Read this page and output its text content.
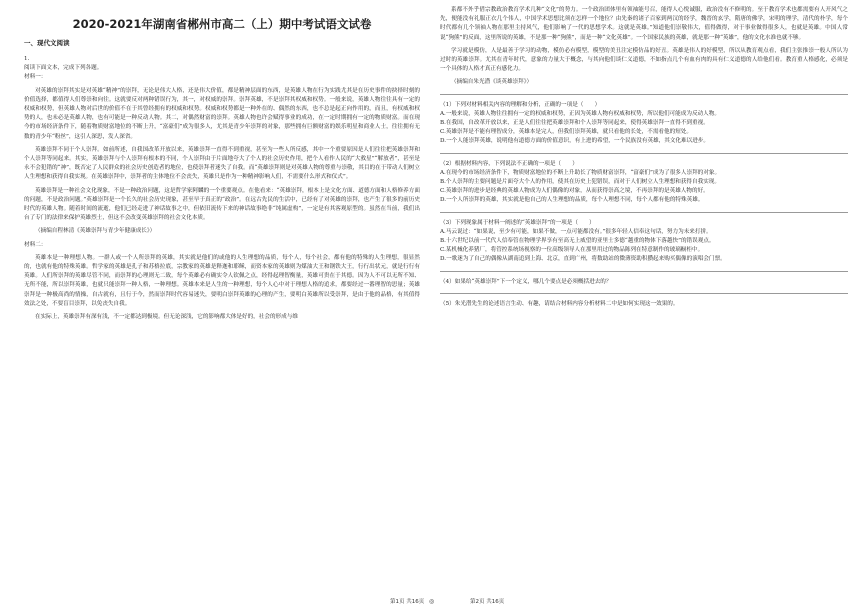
2020-2021年湖南省郴州市高二（上）期中考试语文试卷
一、现代文阅读

1.

阅读下面文本，完成下列各题。

材料一：

对英雄的崇拜其实是对英雄“精神”的崇拜，无论是伟大人格，还是伟大价值，都是精神层面的东西，是英雄人物在行为实践尤其是在历史事件的抉择时刻的价值选择，都值得人们尊崇和向往。这就要反对两种错误行为，其一，对权威的崇拜。崇拜英雄，不是崇拜其权威和权势。一般来说，英雄人物往往具有一定的权威和权势，但英雄人物对后世的价值不在于其曾经拥有的权威和权势。权威和权势都是一种外在的、偶然的东西，也不总是起正向作用的，而且，有权威和权势的人，也未必是英雄人物，也有可能是一种反动人物。其二，对偶然财富的崇拜。英雄人物也许会赋得事业的成功，在一定时期拥有一定的物质财富。而在现今的市场经济条件下，随着物质财富地位的不断上升，“富豪们”成为很多人，尤其是青少年崇拜的对象，那些拥有巨额财富的娱乐明星和商业人士，往往拥有无数的青少年“粉丝”，这引人深思，发人深省。

英雄崇拜不同于个人崇拜。如前所述，自我国改革开放以来，英雄崇拜一直得不到重视，甚至为一些人所反感，其中一个重要原因是人们往往把英雄崇拜和个人崇拜等同起来。其实，英雄崇拜与个人崇拜有根本的不同，个人崇拜由于片面地夸大了个人的社会历史作用，把个人看作人民的“大救星”“解放者”，甚至是永不会犯错的“神”，既否定了人民群众的社会历史创造者的地位，也使崇拜者迷失了自我。而“英雄崇拜则是对英雄人物的尊重与崇敬，其目的在于带动人们树立人生理想和获得自我实现。在英雄崇拜中，崇拜者的主体地位不会丧失，英雄只是作为一种精神影响人们，不需要什么形式和仪式”。

英雄崇拜是一种社会文化现象，不是一种政治问题，这是哲学家阿麟的一个重要观点。在他看来：“英雄崇拜，根本上是文化方面、道德方面和人格修养方面的问题，不是政治问题。”英雄崇拜是一个长久的社会历史现象，甚至早于真正的“政治”。在远古先民的生活中，已经有了对英雄的崇拜，也产生了很多的前历史时代的英雄人物。随着时间的流逝，他们已经走进了神话故事之中，但依旧流传下来的神话故事绝非“纯属虚构”，一定是有其客观原型的。虽然在当前，我们出台了专门的法律来保护英雄烈士，但这不会改变英雄崇拜的社会文化本质。

（摘编自程林清《英雄崇拜与青少年健康成长》）

材料二：

英雄本是一种理想人物。一群人或一个人所崇拜的英雄，其实就是他们的或他的人生理想的品质，每个人，每个社会，都有他的特殊的人生理想，很显然的，也就有他的特殊英雄。哲学家的英雄是孔子和苏格拉底，宗教家的英雄是释迦和耶稣，而资本家的英雄则为煤油大王和钢铁大王，行行出状元，就是行行有英雄。人们所崇拜的英雄尽管不同，而崇拜的心理则无二致，每个英雄必有确实令人钦佩之点，经得起理智衡量，英雄可贵在于其德。因为人不可以无所不知、无所不能，所以崇拜英雄，也就只能崇拜一种人格，一种理想。英雄本来是人生的一种理想，每个人心中对于理想人格的追求，都要经过一番理智的思量；英雄崇拜是一种极高尚的情操，自古就有，且行于今，然而崇拜时代容易迷失，要明白崇拜英雄的心理的产生，要明白英雄所以受崇拜，是由于他的品格，有其值得效法之处，不要盲目崇拜，以免丧失自我。

在实际上，英雄崇拜有深有浅，不一定都达到极境。但无论深浅，它的影响都大体是好的，社会的形成与维

系都不外乎借宗教政治教育学术几种“文化”的势力。一个政治团体里有领袖能号召，能得人心悦诚服，政治没有不修明的。至于教育学术也都需要有人开风气之先，便能没有礼服正衣几个伟人，中国学术思想比须在怎样一个地位？由先秦的诸子百家到两汉的经学，魏晋的玄学，隋唐的佛学，宋明的理学，清代的朴学，每个时代都有几个领袖人物在那里主持风气，他们影响了一代的思想学术。这就是英雄。”知道他们崇敬伟大，值得做得，对于事业做得很多人，也就是英雄。中国人常说“狗熊”的反面，这里所说的英雄，不是那一种“狗熊”，而是一种“文化英雄”。一个国家民族的英雄，就是那一种“英雄”，他的文化水准也就不够。

学习就是模仿，人是最善于学习的动物，模仿必有模型，模型的美丑注定模仿品的好丑。英雄是伟人的好模型，所以从教育观点看，我们主张推崇一般人所认为过时的英雄崇拜。尤其在青年时代，意象的力量大于概念，与其向他们谈仁义道德，不如指点几个有血有肉的具有仁义道德的人给他们看。教育重人格感化，必须是一个具体的人格才真正有感化力。

（摘编自朱光潜《谈英雄崇拜》）

（1）下列对材料相关内容的理解和分析，正确的一项是（　　）

A.一般来说，英雄人物往往拥有一定的权威和权势，正因为英雄人物有权威和权势，所以他们可能成为反动人物。

B.在我国，自改革开放以来，正是人们往往把英雄崇拜和个人崇拜等同起来，使得英雄崇拜一直得不到重视。

C.英雄崇拜是不能有理智成分，英雄本是完人，但我们崇拜英雄，就只看他的长处，不需看他的短处。

D.一个人能崇拜英雄，说明他有道德方面的价值意识，有上进的希望，一个民族没有英雄，其文化难以进步。

（2）根据材料内容，下列说法不正确的一项是（　　）

A.在现今的市场经济条件下，物质财富地位的不断上升助长了物质财富崇拜，“富豪们”成为了很多人崇拜的对象。

B.个人崇拜的主要问题是片面夸大个人的作用，使其在历史上犯错误，而对于人们树立人生理想和获得自我实现。

C.英雄崇拜的进步是经典的英雄人物成为人们偶像的对象，从而获得崇高之境，不再崇拜的是英雄人物的好。

D.一个人所崇拜的英雄，其实就是他自己的人生理想的品质，每个人理想不同，每个人都有他的特殊英雄。

（3）下列现象属于材料一阐述的“英雄崇拜”的一项是（　　）

A.马云说过：“如果说，至少有可能，如果不做，一点可能都没有。”很多年轻人信奉这句话，努力为未来打拼。

B.十六世纪以前一代代人信奉管在物理学界享有至高无上威望的亚里士多德“越重的物体下落越快”的错误观点。

C.某机械化养猪厂，将管控系统场视察的一位高级领导人在那里用过的物品陈列在特意制作的玻璃橱柜中。

D.一歌迷为了自己的偶像从湖南追到上海、北京，直到广州，将数助站的微薄资助积攒起来购买偶像的演唱会门票。

（4）如果给“英雄崇拜”下一个定义，哪几个要点是必须概括进去的？

（5）朱光潜先生的论述语言生动、有趣，请结合材料内容分析材料二中是如何实现这一效果的。

第1页 共16页 ◎	第2页 共16页
